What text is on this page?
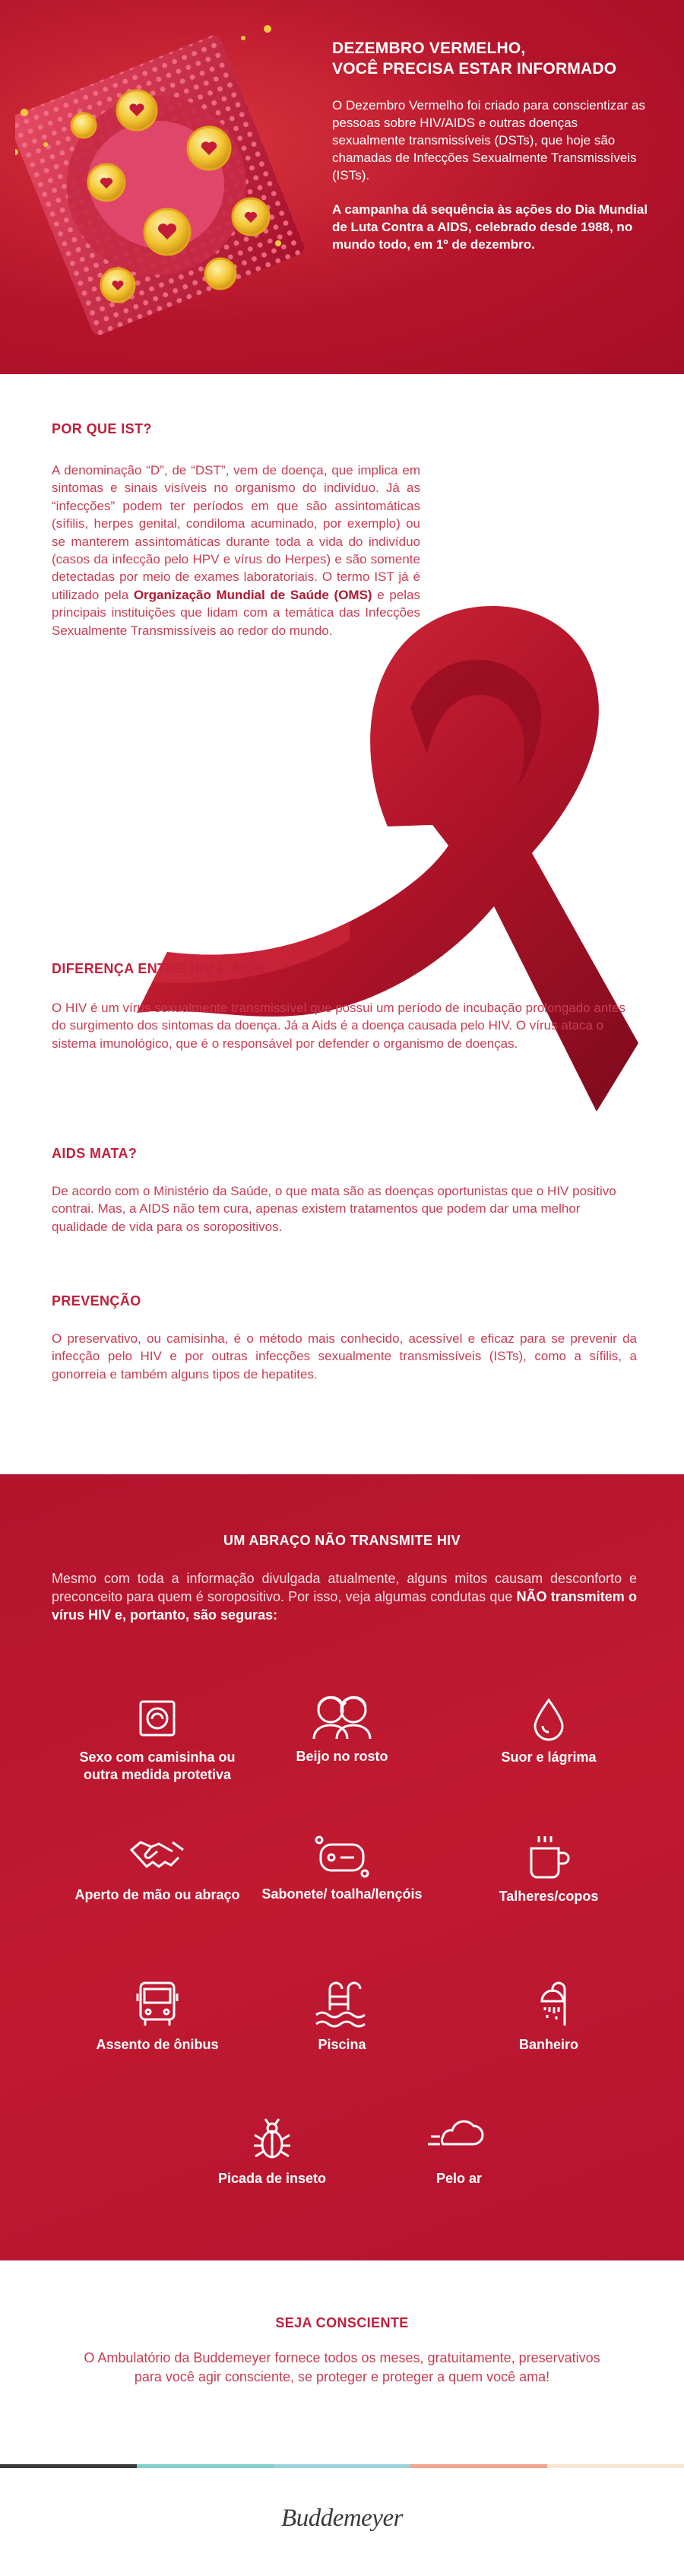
DEZEMBRO VERMELHO,
VOCÊ PRECISA ESTAR INFORMADO

O Dezembro Vermelho foi criado para conscientizar as pessoas sobre HIV/AIDS e outras doenças sexualmente transmissíveis (DSTs), que hoje são chamadas de Infecções Sexualmente Transmissíveis (ISTs).

A campanha dá sequência às ações do Dia Mundial de Luta Contra a AIDS, celebrado desde 1988, no mundo todo, em 1º de dezembro.

POR QUE IST?

A denominação “D”, de “DST”, vem de doença, que implica em sintomas e sinais visíveis no organismo do indivíduo. Já as “infecções” podem ter períodos em que são assintomáticas (sífilis, herpes genital, condiloma acuminado, por exemplo) ou se manterem assintomáticas durante toda a vida do indivíduo (casos da infecção pelo HPV e vírus do Herpes) e são somente detectadas por meio de exames laboratoriais. O termo IST já é utilizado pela Organização Mundial de Saúde (OMS) e pelas principais instituições que lidam com a temática das Infecções Sexualmente Transmissíveis ao redor do mundo.

DIFERENÇA ENTRE HIV E AIDS

O HIV é um vírus sexualmente transmissível que possui um período de incubação prolongado antes do surgimento dos sintomas da doença. Já a Aids é a doença causada pelo HIV. O vírus ataca o sistema imunológico, que é o responsável por defender o organismo de doenças.

AIDS MATA?

De acordo com o Ministério da Saúde, o que mata são as doenças oportunistas que o HIV positivo contrai. Mas, a AIDS não tem cura, apenas existem tratamentos que podem dar uma melhor qualidade de vida para os soropositivos.

PREVENÇÃO

O preservativo, ou camisinha, é o método mais conhecido, acessível e eficaz para se prevenir da infecção pelo HIV e por outras infecções sexualmente transmissíveis (ISTs), como a sífilis, a gonorreia e também alguns tipos de hepatites.

UM ABRAÇO NÃO TRANSMITE HIV

Mesmo com toda a informação divulgada atualmente, alguns mitos causam desconforto e preconceito para quem é soropositivo. Por isso, veja algumas condutas que NÃO transmitem o vírus HIV e, portanto, são seguras:

Sexo com camisinha ou outra medida protetiva
Beijo no rosto	Suor e lágrima
Aperto de mão ou abraço	Sabonete/ toalha/lençóis	Talheres/copos
Assento de ônibus	Piscina	Banheiro
Picada de inseto	Pelo ar
SEJA CONSCIENTE

O Ambulatório da Buddemeyer fornece todos os meses, gratuitamente, preservativos para você agir consciente, se proteger e proteger a quem você ama!

Buddemeyer
